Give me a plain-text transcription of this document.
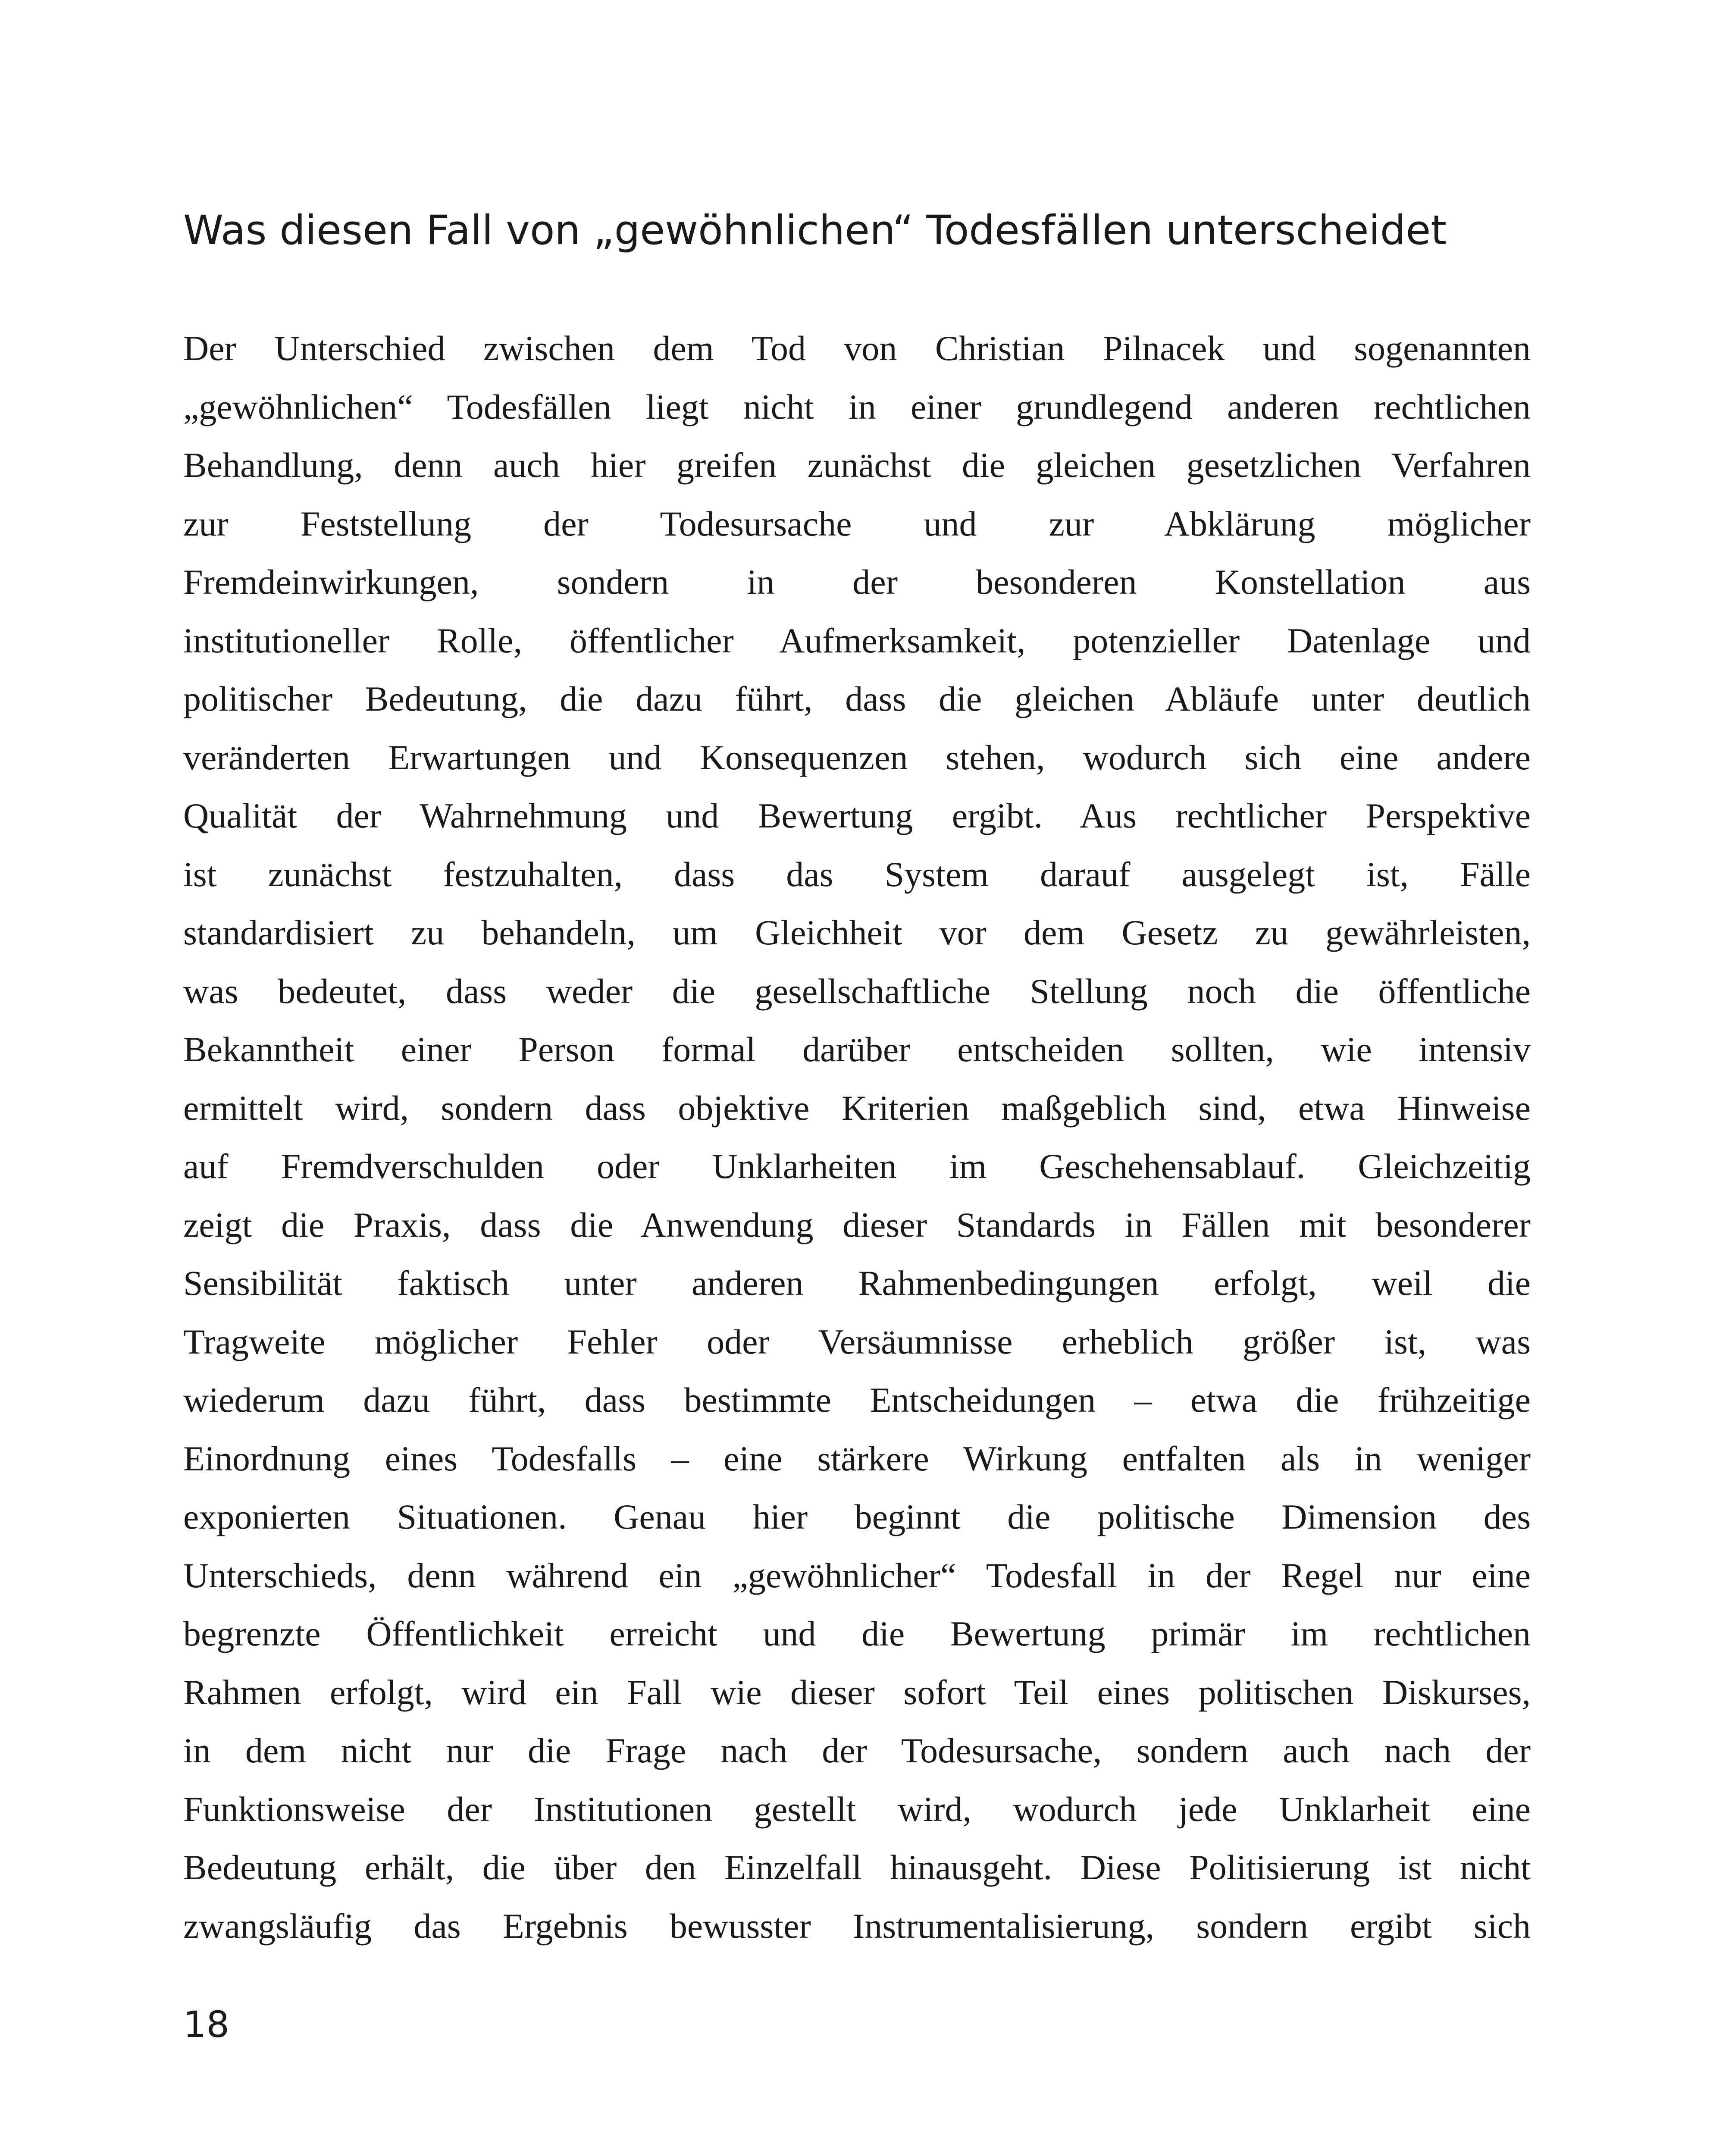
Was diesen Fall von „gewöhnlichen“ Todesfällen unterscheidet
Der Unterschied zwischen dem Tod von Christian Pilnacek und sogenannten
„gewöhnlichen“ Todesfällen liegt nicht in einer grundlegend anderen rechtlichen
Behandlung, denn auch hier greifen zunächst die gleichen gesetzlichen Verfahren
zur Feststellung der Todesursache und zur Abklärung möglicher
Fremdeinwirkungen, sondern in der besonderen Konstellation aus
institutioneller Rolle, öffentlicher Aufmerksamkeit, potenzieller Datenlage und
politischer Bedeutung, die dazu führt, dass die gleichen Abläufe unter deutlich
veränderten Erwartungen und Konsequenzen stehen, wodurch sich eine andere
Qualität der Wahrnehmung und Bewertung ergibt. Aus rechtlicher Perspektive
ist zunächst festzuhalten, dass das System darauf ausgelegt ist, Fälle
standardisiert zu behandeln, um Gleichheit vor dem Gesetz zu gewährleisten,
was bedeutet, dass weder die gesellschaftliche Stellung noch die öffentliche
Bekanntheit einer Person formal darüber entscheiden sollten, wie intensiv
ermittelt wird, sondern dass objektive Kriterien maßgeblich sind, etwa Hinweise
auf Fremdverschulden oder Unklarheiten im Geschehensablauf. Gleichzeitig
zeigt die Praxis, dass die Anwendung dieser Standards in Fällen mit besonderer
Sensibilität faktisch unter anderen Rahmenbedingungen erfolgt, weil die
Tragweite möglicher Fehler oder Versäumnisse erheblich größer ist, was
wiederum dazu führt, dass bestimmte Entscheidungen – etwa die frühzeitige
Einordnung eines Todesfalls – eine stärkere Wirkung entfalten als in weniger
exponierten Situationen. Genau hier beginnt die politische Dimension des
Unterschieds, denn während ein „gewöhnlicher“ Todesfall in der Regel nur eine
begrenzte Öffentlichkeit erreicht und die Bewertung primär im rechtlichen
Rahmen erfolgt, wird ein Fall wie dieser sofort Teil eines politischen Diskurses,
in dem nicht nur die Frage nach der Todesursache, sondern auch nach der
Funktionsweise der Institutionen gestellt wird, wodurch jede Unklarheit eine
Bedeutung erhält, die über den Einzelfall hinausgeht. Diese Politisierung ist nicht
zwangsläufig das Ergebnis bewusster Instrumentalisierung, sondern ergibt sich
18
